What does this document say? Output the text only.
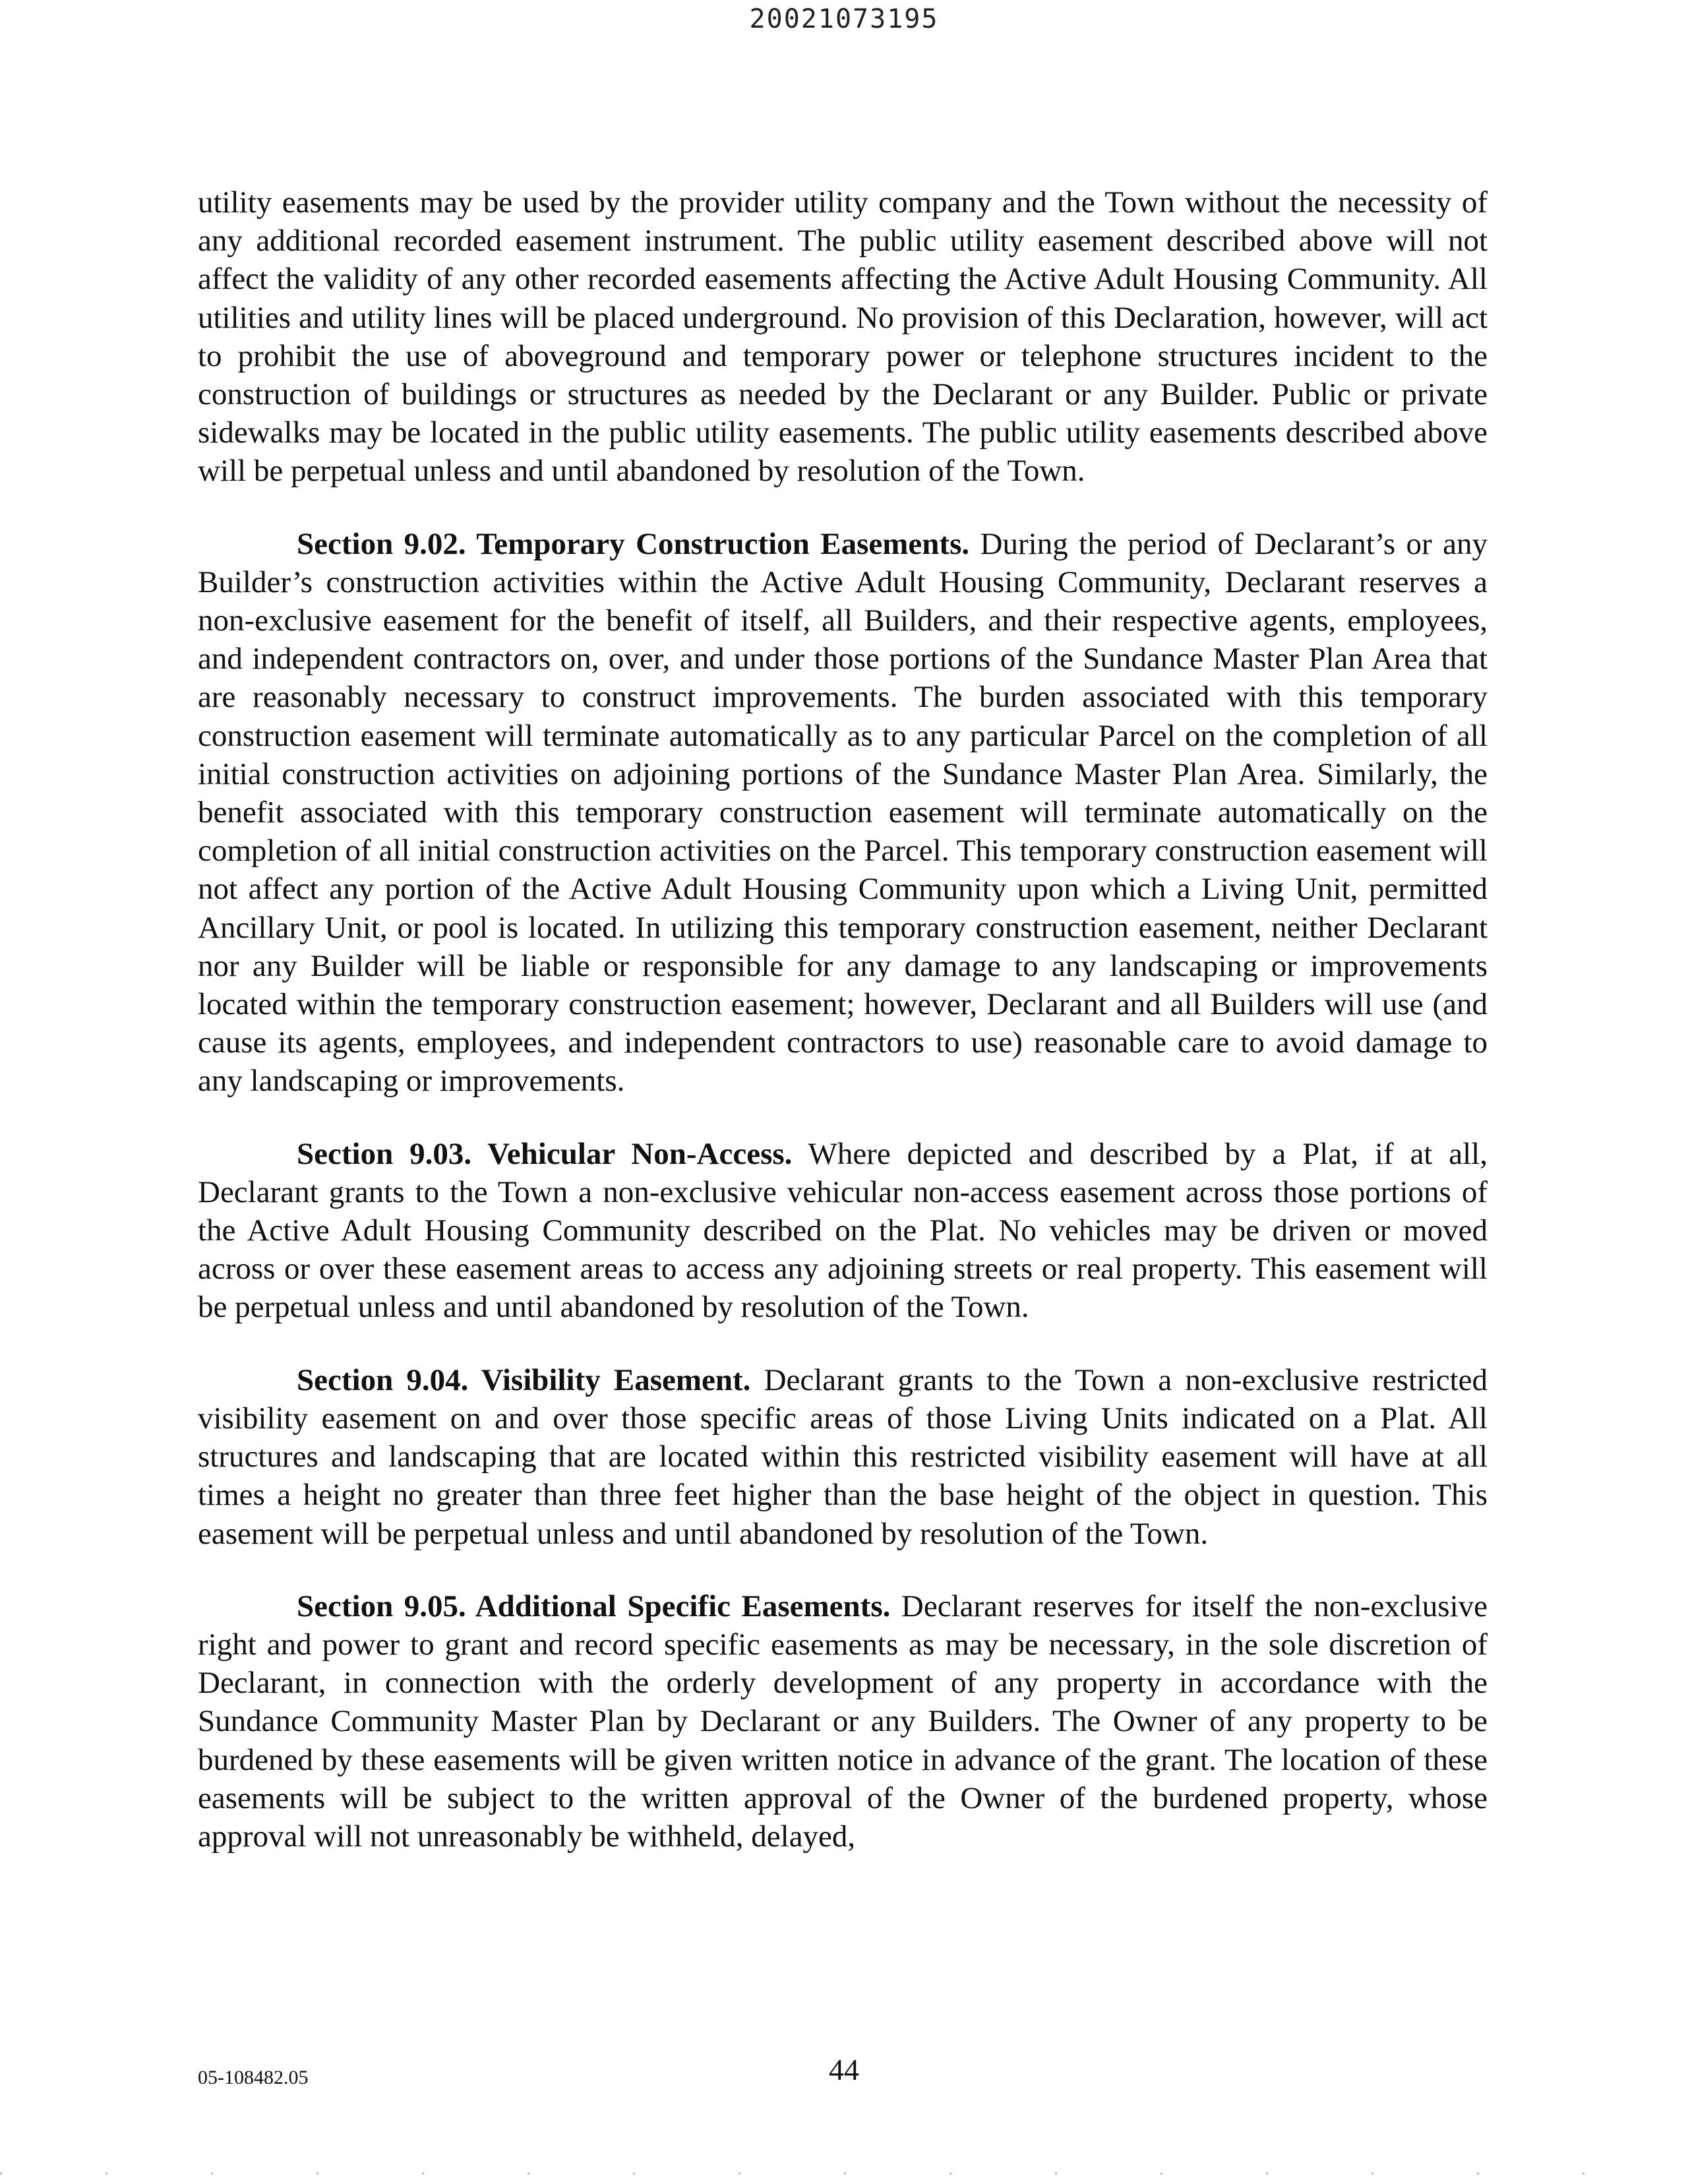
20021073195

utility easements may be used by the provider utility company and the Town without the necessity of any additional recorded easement instrument. The public utility easement described above will not affect the validity of any other recorded easements affecting the Active Adult Housing Community. All utilities and utility lines will be placed underground. No provision of this Declaration, however, will act to prohibit the use of aboveground and temporary power or telephone structures incident to the construction of buildings or structures as needed by the Declarant or any Builder. Public or private sidewalks may be located in the public utility easements. The public utility easements described above will be perpetual unless and until abandoned by resolution of the Town.

Section 9.02. Temporary Construction Easements. During the period of Declarant’s or any Builder’s construction activities within the Active Adult Housing Community, Declarant reserves a non-exclusive easement for the benefit of itself, all Builders, and their respective agents, employees, and independent contractors on, over, and under those portions of the Sundance Master Plan Area that are reasonably necessary to construct improvements. The burden associated with this temporary construction easement will terminate automatically as to any particular Parcel on the completion of all initial construction activities on adjoining portions of the Sundance Master Plan Area. Similarly, the benefit associated with this temporary construction easement will terminate automatically on the completion of all initial construction activities on the Parcel. This temporary construction easement will not affect any portion of the Active Adult Housing Community upon which a Living Unit, permitted Ancillary Unit, or pool is located. In utilizing this temporary construction easement, neither Declarant nor any Builder will be liable or responsible for any damage to any landscaping or improvements located within the temporary construction easement; however, Declarant and all Builders will use (and cause its agents, employees, and independent contractors to use) reasonable care to avoid damage to any landscaping or improvements.

Section 9.03. Vehicular Non-Access. Where depicted and described by a Plat, if at all, Declarant grants to the Town a non-exclusive vehicular non-access easement across those portions of the Active Adult Housing Community described on the Plat. No vehicles may be driven or moved across or over these easement areas to access any adjoining streets or real property. This easement will be perpetual unless and until abandoned by resolution of the Town.

Section 9.04. Visibility Easement. Declarant grants to the Town a non-exclusive restricted visibility easement on and over those specific areas of those Living Units indicated on a Plat. All structures and landscaping that are located within this restricted visibility easement will have at all times a height no greater than three feet higher than the base height of the object in question. This easement will be perpetual unless and until abandoned by resolution of the Town.

Section 9.05. Additional Specific Easements. Declarant reserves for itself the non-exclusive right and power to grant and record specific easements as may be necessary, in the sole discretion of Declarant, in connection with the orderly development of any property in accordance with the Sundance Community Master Plan by Declarant or any Builders. The Owner of any property to be burdened by these easements will be given written notice in advance of the grant. The location of these easements will be subject to the written approval of the Owner of the burdened property, whose approval will not unreasonably be withheld, delayed,

05-108482.05	44
